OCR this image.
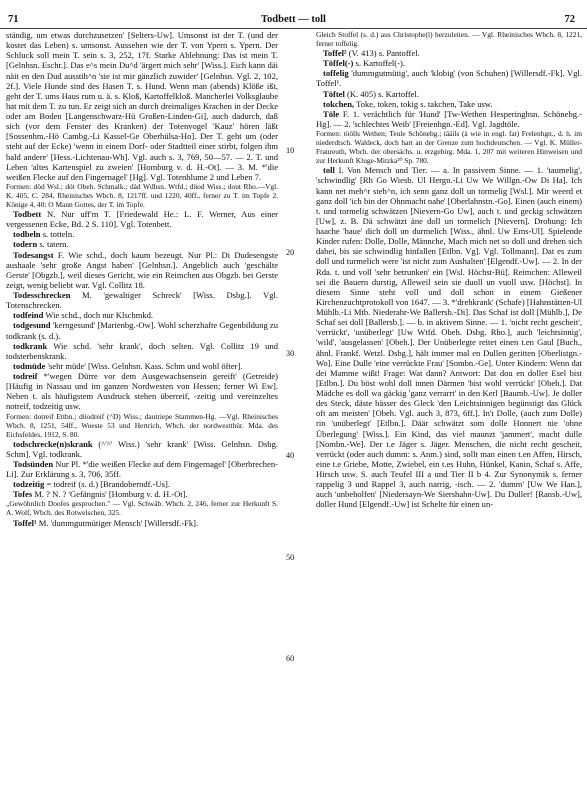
71	Todbett — toll	72

ständig, um etwas durchzusetzen' [Selters-Uw]. Umsonst ist der T. (und der kostet das Leben) s. umsonst. Aussehen wie der T. von Ypern s. Ypern. Der Schluck soll mein T. sein s. 3, 252, 17f. Starke Ablehnung: Das ist mein T. [Gelnhsn. Eschr.]. Das e^s mein Du^d 'ärgert mich sehr' [Wiss.]. Eich kann däi näit en den Dud ausstih^n 'sie ist mir gänzlich zuwider' [Gelnhsn. Vgl. 2, 102, 2f.]. Viele Hunde sind des Hasen T. s. Hund. Wenn man (abends) Klöße ißt, geht der T. ums Haus rum u. ä. s. Kloß, Kartoffelkloß. Mancherlei Volksglaube hat mit dem T. zu tun. Er zeigt sich an durch dreimaliges Krachen in der Decke oder am Boden [Langenschwarz-Hü Großen-Linden-Gi], auch dadurch, daß sich (vor dem Fenster des Kranken) der Totenvogel 'Kauz' hören läßt [Sossenhm.-Hö Cambg.-Li Kassel-Ge Oberhülsa-Ho]. Der T. geht um (oder steht auf der Ecke) 'wenn in einem Dorf- oder Stadtteil einer stirbt, folgen ihm bald andere' [Hess.-Lichtenau-Wh]. Vgl. auch s. 3, 769, 50—57. — 2. T. und Leben 'altes Kartenspiel zu zweien' [Homburg v. d. H.-Ot]. — 3. M. *'die weißen Flecke auf den Fingernagel' [Hg]. Vgl. Totenblume 2 und Leben 7.

Formen: död Wsl.; dót Obeh. Schmalk.; dád Wdhsn. Wtfd.; düod Wiss.; dout Rho.—Vgl. K. 405, C. 284, Rheinisches Wbch. 8, 1217ff. und 1220, 40ff., ferner zu T. im Topfe 2. Könige 4, 40: O Mann Gottes, der T. im Topfe.

Todbett N. Nur uff'm T. [Friedewald He.: L. F. Werner, Aus einer vergessenen Ecke, Bd. 2 S. 110]. Vgl. Totenbett.

todbeln s. totteln.

todern s. tatern.

Todesangst F. Wie schd., doch kaum bezeugt. Nur Pl.: Di Dudesengste aushaale 'sehr große Angst haben' [Gelnhsn.]. Angeblich auch 'geschälte Gerste' [Obgzb.], weil dieses Gericht, wie ein Reimchen aus Obgzb. bei Gerste zeigt, wenig beliebt war. Vgl. Collitz 18.

Todesschrecken M. 'gewaltiger Schreck' [Wiss. Dsbg.]. Vgl. Totenschrecken.

todfeind Wie schd., doch nur Klschmkd.

todgesund 'kerngesund' [Marienbg.-Ow]. Wohl scherzhafte Gegenbildung zu todkrank (s. d.).

todkrank Wie schd. 'sehr krank', doch selten. Vgl. Collitz 19 und todsterbenskrank.

todmüde 'sehr müde' [Wiss. Gelnhsn. Kass. Schm und wohl öfter].

todreif *'wegen Dürre vor dem Ausgewachsensein gereift' (Getreide) [Häufig in Nassau und im ganzen Nordwesten von Hessen; ferner Wi Ew]. Neben t. als häufigstem Ausdruck stehen überreif, -zeitig und vereinzeltes notreif, todzeitig usw.

Formen: dotreif Ettbn.; düodreif (^D) Wiss.; dautriepe Stammen-Hg. —Vgl. Rheinisches Wbch. 8, 1251, 54ff., Woeste 53 und Hertrich, Wbch. der nordwestthür. Mda. des Eichsfeldes, 1912, S. 80.

todschrecke(n)skrank (^'^' Wiss.) 'sehr krank' [Wiss. Gelnhsn. Dsbg. Schm]. Vgl. todkrank.

Todsünden Nur Pl. *'die weißen Flecke auf dem Fingernagel' [Oberbrechen-Li]. Zur Erklärung s. 3, 706, 35ff.

todzeitig = todreif (s. d.) [Brandoberndf.-Us].

Tofes M. ? N. ? 'Gefängnis' [Homburg v. d. H.-Ot].

„Gewöhnlich Doofes gesprochen." — Vgl. Schwäb. Wbch. 2, 246, ferner zur Herkunft S. A. Wolf, Wbch. des Rotwelschen, 325.

Toffel¹ M. 'dummgutmütiger Mensch' [Willersdf.-Fk].

10
20
30
40
50
60

Gleich Stoffel (s. d.) aus Christophe(l) herzuleiten. — Vgl. Rheinisches Wbch. 8, 1221, ferner toffelig.

Toffel² (V. 413) s. Pantoffel.

Töffel(-) s. Kartoffel(-).

toffelig 'dummgutmütig', auch 'klobig' (von Schuhen) [Willersdf.-Fk]. Vgl. Toffel¹.

Töftel (K. 405) s. Kartoffel.

tokchen, Toke, token, tokig s. takchen, Take usw.

Töle F. 1. verächtlich für 'Hund' [Tw-Wethen Hesperinghsn. Schönebg.-Hg]. — 2. 'schlechtes Weib' [Freienhgn.-Ed]. Vgl. Jagdtöle.

Formen: töölls Wethen; Teule Schönebg.; tääils (à wie in engl. fat) Frelenhgn., d. h. im niederdtsch. Waldeck, doch hart an der Grenze zum hochdeutschen. — Vgl. K. Müller-Fraureuth, Wbch. der obersächs. u. erzgebirg. Mda. 1, 207 mit weiteren Hinweisen und zur Herkunft Kluge-Mitzka²⁰ Sp. 780.

toll I. Von Mensch und Tier. — a. In passivem Sinne. — 1. 'taumelig', 'schwindlig' [Rh Go Wiesb. Ul Hergn.-Li Uw We Willgn.-Ow Di Ha]. Ich kann net meh^r steh^n, ich senn ganz doll un tormelig [Wsl.]. Mir weerd et ganz doll 'ich bin der Ohnmacht nahe' [Oberlahnstn.-Go]. Einen (auch einem) t. und tormelig schwätzen [Nievern-Go Uw], auch t. und geckig schwätzen [Uw], z. B. Dä schwätzt äne doll un tormelich [Nievern]. Drohung: Ich haache 'haue' dich doll un durmelich [Wiss., ähnl. Uw Ems-Ul]. Spielende Kinder rufen: Dolle, Dolle, Männche, Mach mich net so doll und drehen sich dabei, bis sie schwindlig hinfallen [Etlbn. Vg]. Vgl. Tollmann]. Dat es zum doll und turmelich were 'ist nicht zum Aushalten' [Elgendf.-Uw]. — 2. In der Rda. t. und voll 'sehr betrunken' ein [Wsl. Höchst-Bü]. Reimchen: Alleweil sei die Bauern durstig, Alleweil sein sie duoll un vuoll usw. [Höchst]. In diesem Sinne steht voll und doll schon in einem Gießener Kirchenzuchtprotokoll von 1647. — 3. *'drehkrank' (Schafe) [Hahnstätten-Ul Mühlb.-Li Mtb. Niederahr-We Ballersb.-Di]. Das Schaf ist doll [Mühlb.], De Schaf sei doll [Ballersb.]. — b. in aktivem Sinne. — 1. 'nicht recht gescheit', 'verrückt', 'unüberlegt' [Uw Wtfd. Obeh. Dsbg. Rho.], auch 'leichtsinnig', 'wild', 'ausgelassen' [Obeh.]. Der Unüberlegte reitet einen t.en Gaul [Buch., ähnl. Frankf. Wetzl. Dsbg.], hält immer mal en Dullen geritten [Oberlistgn.-Wo]. Eine Dulle 'eine verrückte Frau' [Sombn.-Ge]. Unter Kindern: Wenn dat dei Mamme wißt! Frage: Wat dann? Antwort: Dat dou en doller Esel bist [Etlbn.]. Du böst wohl doll innen Därmen 'bist wohl verrückt' [Obeh.]. Dat Mädche es doll wa gäckig 'ganz verrarrt' in den Kerl [Baumb.-Uw]. Je doller des Steck, däste bässer des Gleck 'den Leichtsinnigen begünstigt das Glück oft am meisten' [Obeh. Vgl. auch 3, 873, 6ff.]. In't Dolle, (auch zum Dolle) rin 'unüberlegt' [Etlbn.]. Däär schwätzt som dolle Honnert nie 'ohne Überlegung' [Wiss.]. Ein Kind, das viel maunzt 'jammert', macht dulle [Nombn.-We]. Der t.e Jäger s. Jäger. Menschen, die nicht recht gescheit, verrückt (oder auch dumm: s. Anm.) sind, sollt man einen t.en Affen, Hirsch, eine t.e Griebe, Motte, Zwiebel, ein t.es Huhn, Hünkel, Kanin, Schaf s. Affe, Hirsch usw. S. auch Teufel III a und Tier II b 4. Zur Synonymik s. ferner rappelig 3 und Rappel 3, auch narrig, -isch. — 2. 'dumm' [Uw We Han.], auch 'unbeholfen' [Niedersayn-We Siershahn-Uw]. Du Duller! [Ransb.-Uw], doller Hund [Elgendf.-Uw] ist Schelte für einen un-
